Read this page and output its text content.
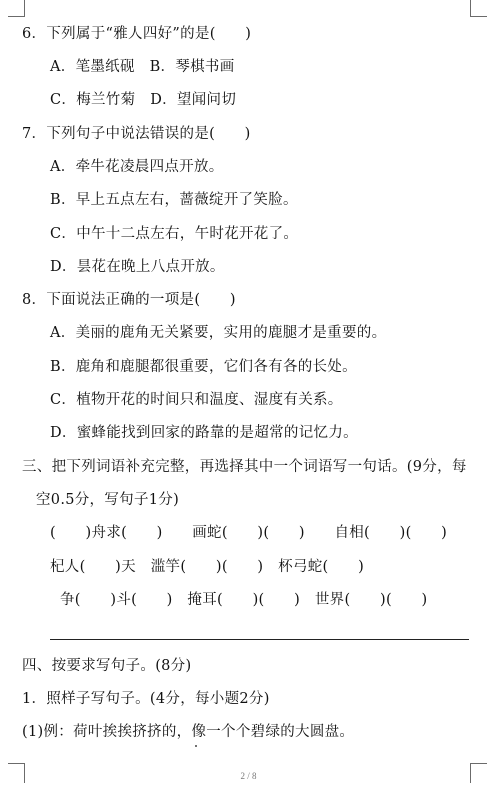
6．下列属于“雅人四好”的是(　　)
A．笔墨纸砚　B．琴棋书画
C．梅兰竹菊　D．望闻问切
7．下列句子中说法错误的是(　　)
A．牵牛花凌晨四点开放。
B．早上五点左右，蔷薇绽开了笑脸。
C．中午十二点左右，午时花开花了。
D．昙花在晚上八点开放。
8．下面说法正确的一项是(　　)
A．美丽的鹿角无关紧要，实用的鹿腿才是重要的。
B．鹿角和鹿腿都很重要，它们各有各的长处。
C．植物开花的时间只和温度、湿度有关系。
D．蜜蜂能找到回家的路靠的是超常的记忆力。
三、把下列词语补充完整，再选择其中一个词语写一句话。(9分，每
空0.5分，写句子1分)
(　　)舟求(　　)　　画蛇(　　)(　　)　　自相(　　)(　　)
杞人(　　)天　滥竽(　　)(　　)　杯弓蛇(　　)
争(　　)斗(　　)　掩耳(　　)(　　)　世界(　　)(　　)
四、按要求写句子。(8分)
1．照样子写句子。(4分，每小题2分)
(1)例：荷叶挨挨挤挤的，像一个个碧绿的大圆盘。
2 / 8
